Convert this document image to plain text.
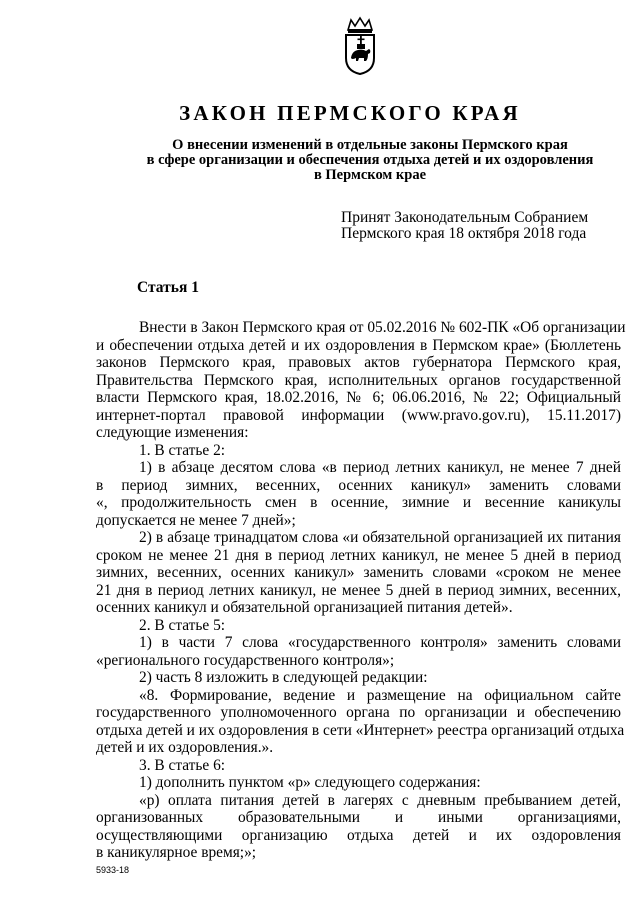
ЗАКОН ПЕРМСКОГО КРАЯ
О внесении изменений в отдельные законы Пермского края
в сфере организации и обеспечения отдыха детей и их оздоровления
в Пермском крае
Принят Законодательным Собранием
Пермского края 18 октября 2018 года
Статья 1
Внести в Закон Пермского края от 05.02.2016 № 602-ПК «Об организации
и обеспечении отдыха детей и их оздоровления в Пермском крае» (Бюллетень
законов Пермского края, правовых актов губернатора Пермского края,
Правительства Пермского края, исполнительных органов государственной
власти Пермского края, 18.02.2016, № 6; 06.06.2016, № 22; Официальный
интернет-портал правовой информации (www.pravo.gov.ru), 15.11.2017)
следующие изменения:
1. В статье 2:
1) в абзаце десятом слова «в период летних каникул, не менее 7 дней
в период зимних, весенних, осенних каникул» заменить словами
«, продолжительность смен в осенние, зимние и весенние каникулы
допускается не менее 7 дней»;
2) в абзаце тринадцатом слова «и обязательной организацией их питания
сроком не менее 21 дня в период летних каникул, не менее 5 дней в период
зимних, весенних, осенних каникул» заменить словами «сроком не менее
21 дня в период летних каникул, не менее 5 дней в период зимних, весенних,
осенних каникул и обязательной организацией питания детей».
2. В статье 5:
1) в части 7 слова «государственного контроля» заменить словами
«регионального государственного контроля»;
2) часть 8 изложить в следующей редакции:
«8. Формирование, ведение и размещение на официальном сайте
государственного уполномоченного органа по организации и обеспечению
отдыха детей и их оздоровления в сети «Интернет» реестра организаций отдыха
детей и их оздоровления.».
3. В статье 6:
1) дополнить пунктом «р» следующего содержания:
«р) оплата питания детей в лагерях с дневным пребыванием детей,
организованных образовательными и иными организациями,
осуществляющими организацию отдыха детей и их оздоровления
в каникулярное время;»;
5933-18
